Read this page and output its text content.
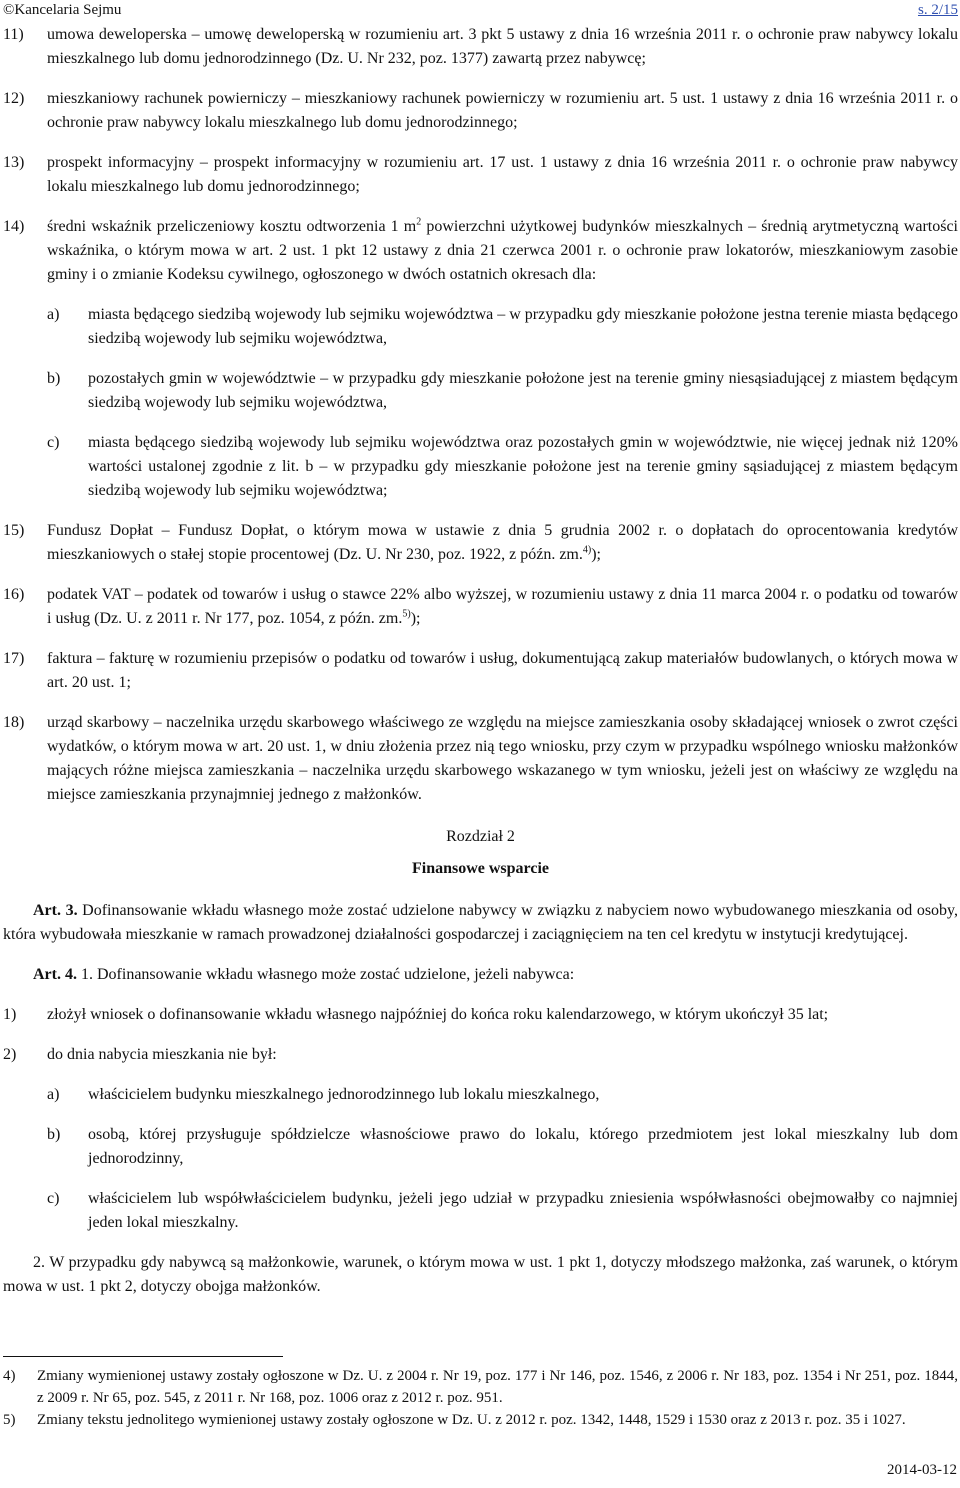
©Kancelaria Sejmu	s. 2/15
11) umowa deweloperska – umowę deweloperską w rozumieniu art. 3 pkt 5 ustawy z dnia 16 września 2011 r. o ochronie praw nabywcy lokalu mieszkalnego lub domu jednorodzinnego (Dz. U. Nr 232, poz. 1377) zawartą przez nabywcę;

12) mieszkaniowy rachunek powierniczy – mieszkaniowy rachunek powierniczy w rozumieniu art. 5 ust. 1 ustawy z dnia 16 września 2011 r. o ochronie praw nabywcy lokalu mieszkalnego lub domu jednorodzinnego;

13) prospekt informacyjny – prospekt informacyjny w rozumieniu art. 17 ust. 1 ustawy z dnia 16 września 2011 r. o ochronie praw nabywcy lokalu mieszkalnego lub domu jednorodzinnego;

14) średni wskaźnik przeliczeniowy kosztu odtworzenia 1 $m^2$ powierzchni użytkowej budynków mieszkalnych – średnią arytmetyczną wartości wskaźnika, o którym mowa w art. 2 ust. 1 pkt 12 ustawy z dnia 21 czerwca 2001 r. o ochronie praw lokatorów, mieszkaniowym zasobie gminy i o zmianie Kodeksu cywilnego, ogłoszonego w dwóch ostatnich okresach dla:

a) miasta będącego siedzibą wojewody lub sejmiku województwa – w przypadku gdy mieszkanie położone jestna terenie miasta będącego siedzibą wojewody lub sejmiku województwa,

b) pozostałych gmin w województwie – w przypadku gdy mieszkanie położone jest na terenie gminy niesąsiadującej z miastem będącym siedzibą wojewody lub sejmiku województwa,

c) miasta będącego siedzibą wojewody lub sejmiku województwa oraz pozostałych gmin w województwie, nie więcej jednak niż 120% wartości ustalonej zgodnie z lit. b – w przypadku gdy mieszkanie położone jest na terenie gminy sąsiadującej z miastem będącym siedzibą wojewody lub sejmiku województwa;

15) Fundusz Dopłat – Fundusz Dopłat, o którym mowa w ustawie z dnia 5 grudnia 2002 r. o dopłatach do oprocentowania kredytów mieszkaniowych o stałej stopie procentowej (Dz. U. Nr 230, poz. 1922, z późn. zm.$^{4)}$);

16) podatek VAT – podatek od towarów i usług o stawce 22% albo wyższej, w rozumieniu ustawy z dnia 11 marca 2004 r. o podatku od towarów i usług (Dz. U. z 2011 r. Nr 177, poz. 1054, z późn. zm.$^{5)}$);

17) faktura – fakturę w rozumieniu przepisów o podatku od towarów i usług, dokumentującą zakup materiałów budowlanych, o których mowa w art. 20 ust. 1;

18) urząd skarbowy – naczelnika urzędu skarbowego właściwego ze względu na miejsce zamieszkania osoby składającej wniosek o zwrot części wydatków, o którym mowa w art. 20 ust. 1, w dniu złożenia przez nią tego wniosku, przy czym w przypadku wspólnego wniosku małżonków mających różne miejsca zamieszkania – naczelnika urzędu skarbowego wskazanego w tym wniosku, jeżeli jest on właściwy ze względu na miejsce zamieszkania przynajmniej jednego z małżonków.

Rozdział 2
Finansowe wsparcie

Art. 3. Dofinansowanie wkładu własnego może zostać udzielone nabywcy w związku z nabyciem nowo wybudowanego mieszkania od osoby, która wybudowała mieszkanie w ramach prowadzonej działalności gospodarczej i zaciągnięciem na ten cel kredytu w instytucji kredytującej.

Art. 4. 1. Dofinansowanie wkładu własnego może zostać udzielone, jeżeli nabywca:

1) złożył wniosek o dofinansowanie wkładu własnego najpóźniej do końca roku kalendarzowego, w którym ukończył 35 lat;

2) do dnia nabycia mieszkania nie był:

a) właścicielem budynku mieszkalnego jednorodzinnego lub lokalu mieszkalnego,

b) osobą, której przysługuje spółdzielcze własnościowe prawo do lokalu, którego przedmiotem jest lokal mieszkalny lub dom jednorodzinny,

c) właścicielem lub współwłaścicielem budynku, jeżeli jego udział w przypadku zniesienia współwłasności obejmowałby co najmniej jeden lokal mieszkalny.

2. W przypadku gdy nabywcą są małżonkowie, warunek, o którym mowa w ust. 1 pkt 1, dotyczy młodszego małżonka, zaś warunek, o którym mowa w ust. 1 pkt 2, dotyczy obojga małżonków.

4) Zmiany wymienionej ustawy zostały ogłoszone w Dz. U. z 2004 r. Nr 19, poz. 177 i Nr 146, poz. 1546, z 2006 r. Nr 183, poz. 1354 i Nr 251, poz. 1844, z 2009 r. Nr 65, poz. 545, z 2011 r. Nr 168, poz. 1006 oraz z 2012 r. poz. 951.

5) Zmiany tekstu jednolitego wymienionej ustawy zostały ogłoszone w Dz. U. z 2012 r. poz. 1342, 1448, 1529 i 1530 oraz z 2013 r. poz. 35 i 1027.

2014-03-12
